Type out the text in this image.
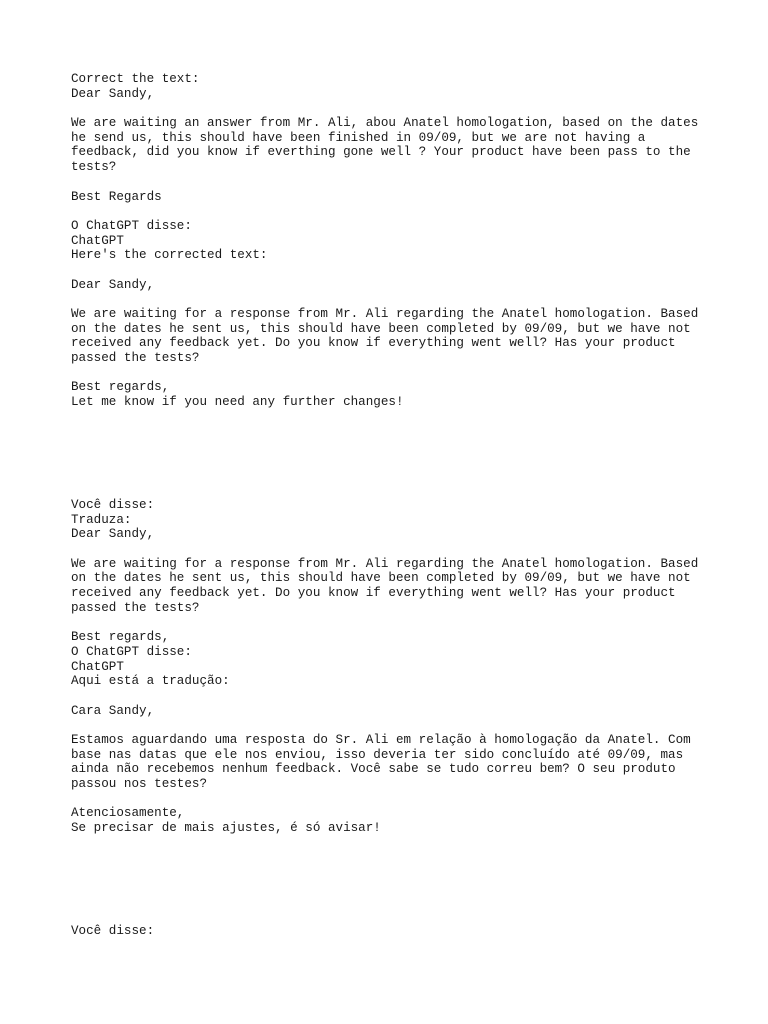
Correct the text:
Dear Sandy,
We are waiting an answer from Mr. Ali, abou Anatel homologation, based on the dates
he send us, this should have been finished in 09/09, but we are not having a
feedback, did you know if everthing gone well ? Your product have been pass to the
tests?
Best Regards
O ChatGPT disse:
ChatGPT
Here's the corrected text:
Dear Sandy,
We are waiting for a response from Mr. Ali regarding the Anatel homologation. Based
on the dates he sent us, this should have been completed by 09/09, but we have not
received any feedback yet. Do you know if everything went well? Has your product
passed the tests?
Best regards,
Let me know if you need any further changes!
Você disse:
Traduza:
Dear Sandy,
We are waiting for a response from Mr. Ali regarding the Anatel homologation. Based
on the dates he sent us, this should have been completed by 09/09, but we have not
received any feedback yet. Do you know if everything went well? Has your product
passed the tests?
Best regards,
O ChatGPT disse:
ChatGPT
Aqui está a tradução:
Cara Sandy,
Estamos aguardando uma resposta do Sr. Ali em relação à homologação da Anatel. Com
base nas datas que ele nos enviou, isso deveria ter sido concluído até 09/09, mas
ainda não recebemos nenhum feedback. Você sabe se tudo correu bem? O seu produto
passou nos testes?
Atenciosamente,
Se precisar de mais ajustes, é só avisar!
Você disse:
